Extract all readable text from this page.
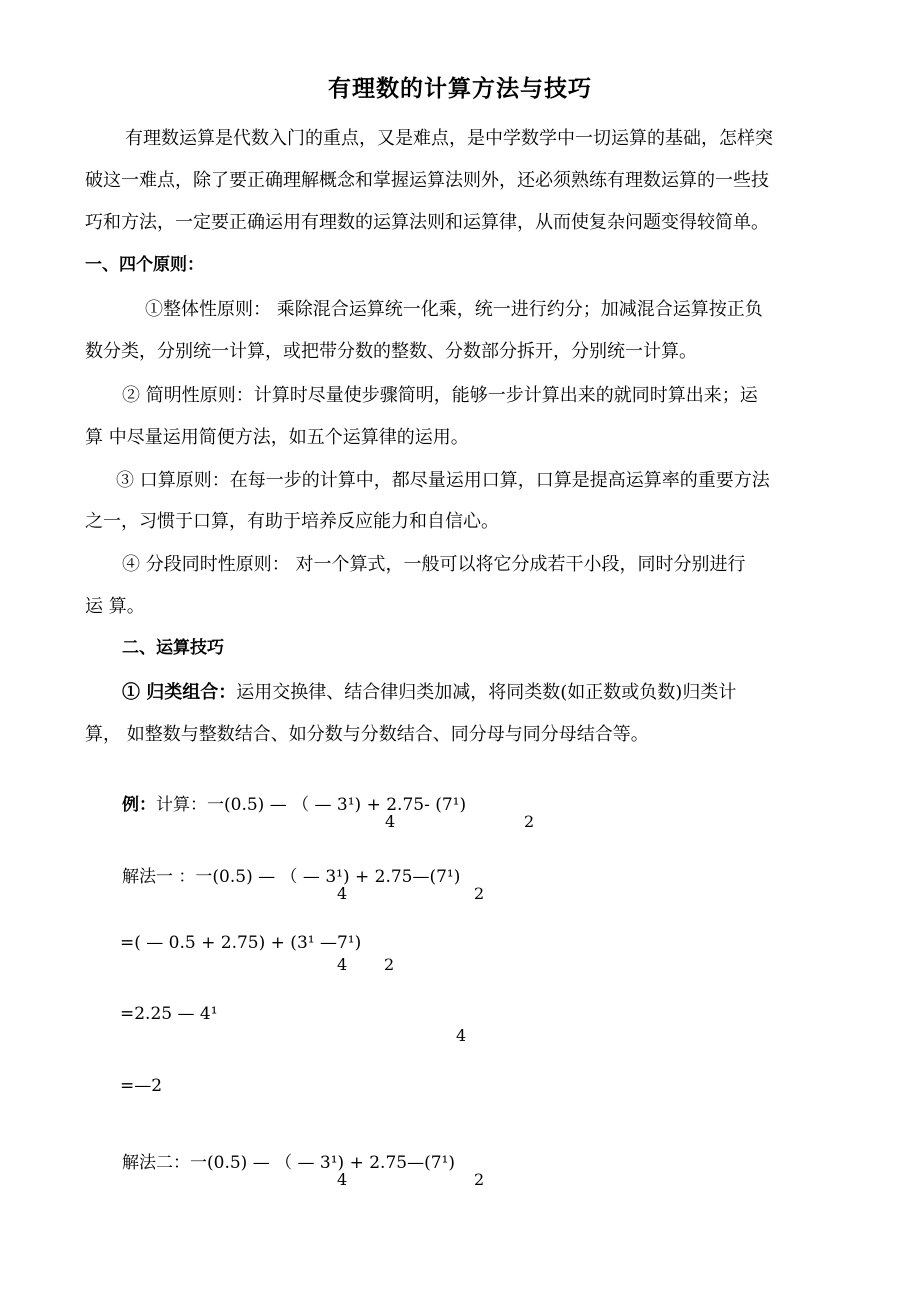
有理数的计算方法与技巧
有理数运算是代数入门的重点，又是难点，是中学数学中一切运算的基础，怎样突
破这一难点，除了要正确理解概念和掌握运算法则外，还必须熟练有理数运算的一些技
巧和方法，一定要正确运用有理数的运算法则和运算律，从而使复杂问题变得较简单。
一、四个原则：
①整体性原则： 乘除混合运算统一化乘，统一进行约分；加减混合运算按正负
数分类，分别统一计算，或把带分数的整数、分数部分拆开，分别统一计算。
② 简明性原则：计算时尽量使步骤简明，能够一步计算出来的就同时算出来；运
算 中尽量运用简便方法，如五个运算律的运用。
③ 口算原则：在每一步的计算中，都尽量运用口算，口算是提高运算率的重要方法
之一，习惯于口算，有助于培养反应能力和自信心。
④ 分段同时性原则： 对一个算式，一般可以将它分成若干小段，同时分别进行
运 算。
二、运算技巧
① 归类组合：运用交换律、结合律归类加减，将同类数(如正数或负数)归类计
算， 如整数与整数结合、如分数与分数结合、同分母与同分母结合等。
例：计算：一(0.5) — （ — 3¹) + 2.75- (7¹)
4	2
解法一 ：一(0.5) — （ — 3¹) + 2.75—(7¹)
4	2
=( — 0.5 + 2.75) + (3¹ —7¹)
4 2
=2.25 — 4¹
4
=—2
解法二：一(0.5) — （ — 3¹) + 2.75—(7¹)
4	2
